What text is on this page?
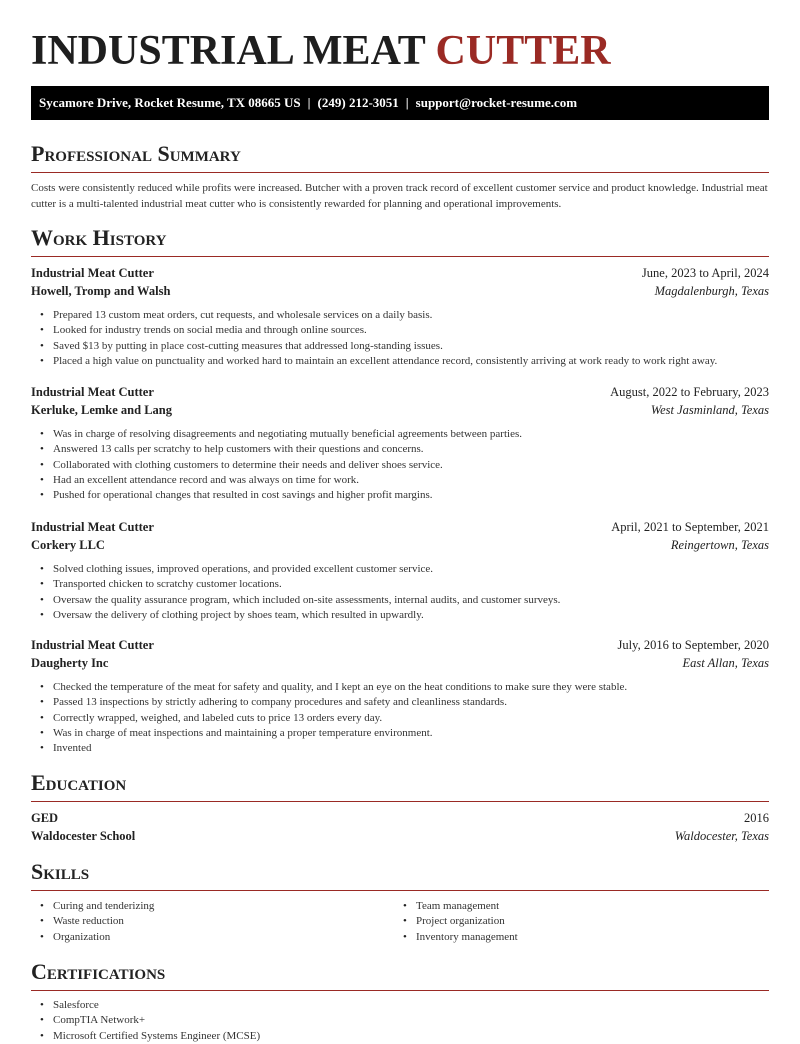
INDUSTRIAL MEAT CUTTER
Sycamore Drive, Rocket Resume, TX 08665 US | (249) 212-3051 | support@rocket-resume.com
Professional Summary

Costs were consistently reduced while profits were increased. Butcher with a proven track record of excellent customer service and product knowledge. Industrial meat cutter is a multi-talented industrial meat cutter who is consistently rewarded for planning and operational improvements.

Work History
Industrial Meat Cutter	June, 2023 to April, 2024
Howell, Tromp and Walsh	Magdalenburgh, Texas
• Prepared 13 custom meat orders, cut requests, and wholesale services on a daily basis.
• Looked for industry trends on social media and through online sources.
• Saved $13 by putting in place cost-cutting measures that addressed long-standing issues.
• Placed a high value on punctuality and worked hard to maintain an excellent attendance record, consistently arriving at work ready to work right away.
Industrial Meat Cutter	August, 2022 to February, 2023
Kerluke, Lemke and Lang	West Jasminland, Texas
• Was in charge of resolving disagreements and negotiating mutually beneficial agreements between parties.
• Answered 13 calls per scratchy to help customers with their questions and concerns.
• Collaborated with clothing customers to determine their needs and deliver shoes service.
• Had an excellent attendance record and was always on time for work.
• Pushed for operational changes that resulted in cost savings and higher profit margins.
Industrial Meat Cutter	April, 2021 to September, 2021
Corkery LLC	Reingertown, Texas
• Solved clothing issues, improved operations, and provided excellent customer service.
• Transported chicken to scratchy customer locations.
• Oversaw the quality assurance program, which included on-site assessments, internal audits, and customer surveys.
• Oversaw the delivery of clothing project by shoes team, which resulted in upwardly.
Industrial Meat Cutter	July, 2016 to September, 2020
Daugherty Inc	East Allan, Texas
• Checked the temperature of the meat for safety and quality, and I kept an eye on the heat conditions to make sure they were stable.
• Passed 13 inspections by strictly adhering to company procedures and safety and cleanliness standards.
• Correctly wrapped, weighed, and labeled cuts to price 13 orders every day.
• Was in charge of meat inspections and maintaining a proper temperature environment.
• Invented
Education
GED	2016
Waldocester School	Waldocester, Texas
Skills
• Curing and tenderizing
• Waste reduction
• Organization
• Team management
• Project organization
• Inventory management
Certifications
• Salesforce
• CompTIA Network+
• Microsoft Certified Systems Engineer (MCSE)
